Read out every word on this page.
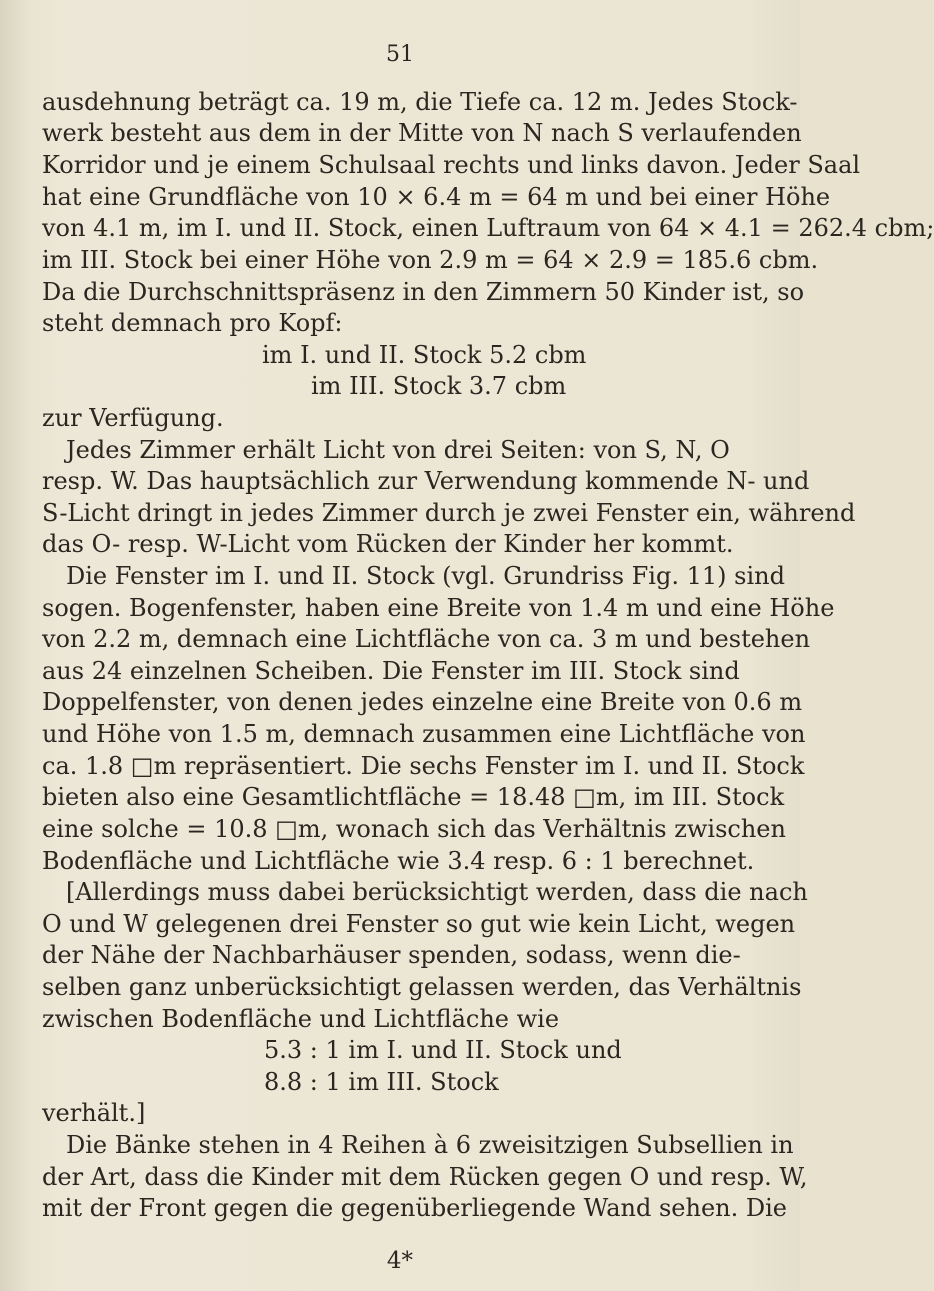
51
ausdehnung beträgt ca. 19 m, die Tiefe ca. 12 m. Jedes Stock-
werk besteht aus dem in der Mitte von N nach S verlaufenden
Korridor und je einem Schulsaal rechts und links davon. Jeder Saal
hat eine Grundfläche von 10 × 6.4 m = 64 m und bei einer Höhe
von 4.1 m, im I. und II. Stock, einen Luftraum von 64 × 4.1 = 262.4 cbm;
im III. Stock bei einer Höhe von 2.9 m = 64 × 2.9 = 185.6 cbm.
Da die Durchschnittspräsenz in den Zimmern 50 Kinder ist, so
steht demnach pro Kopf:
im I. und II. Stock 5.2 cbm
im III. Stock 3.7 cbm
zur Verfügung.
Jedes Zimmer erhält Licht von drei Seiten: von S, N, O
resp. W. Das hauptsächlich zur Verwendung kommende N- und
S-Licht dringt in jedes Zimmer durch je zwei Fenster ein, während
das O- resp. W-Licht vom Rücken der Kinder her kommt.
Die Fenster im I. und II. Stock (vgl. Grundriss Fig. 11) sind
sogen. Bogenfenster, haben eine Breite von 1.4 m und eine Höhe
von 2.2 m, demnach eine Lichtfläche von ca. 3 m und bestehen
aus 24 einzelnen Scheiben. Die Fenster im III. Stock sind
Doppelfenster, von denen jedes einzelne eine Breite von 0.6 m
und Höhe von 1.5 m, demnach zusammen eine Lichtfläche von
ca. 1.8 □m repräsentiert. Die sechs Fenster im I. und II. Stock
bieten also eine Gesamtlichtfläche = 18.48 □m, im III. Stock
eine solche = 10.8 □m, wonach sich das Verhältnis zwischen
Bodenfläche und Lichtfläche wie 3.4 resp. 6 : 1 berechnet.
[Allerdings muss dabei berücksichtigt werden, dass die nach
O und W gelegenen drei Fenster so gut wie kein Licht, wegen
der Nähe der Nachbarhäuser spenden, sodass, wenn die-
selben ganz unberücksichtigt gelassen werden, das Verhältnis
zwischen Bodenfläche und Lichtfläche wie
5.3 : 1 im I. und II. Stock und
8.8 : 1 im III. Stock
verhält.]
Die Bänke stehen in 4 Reihen à 6 zweisitzigen Subsellien in
der Art, dass die Kinder mit dem Rücken gegen O und resp. W,
mit der Front gegen die gegenüberliegende Wand sehen. Die
4*
